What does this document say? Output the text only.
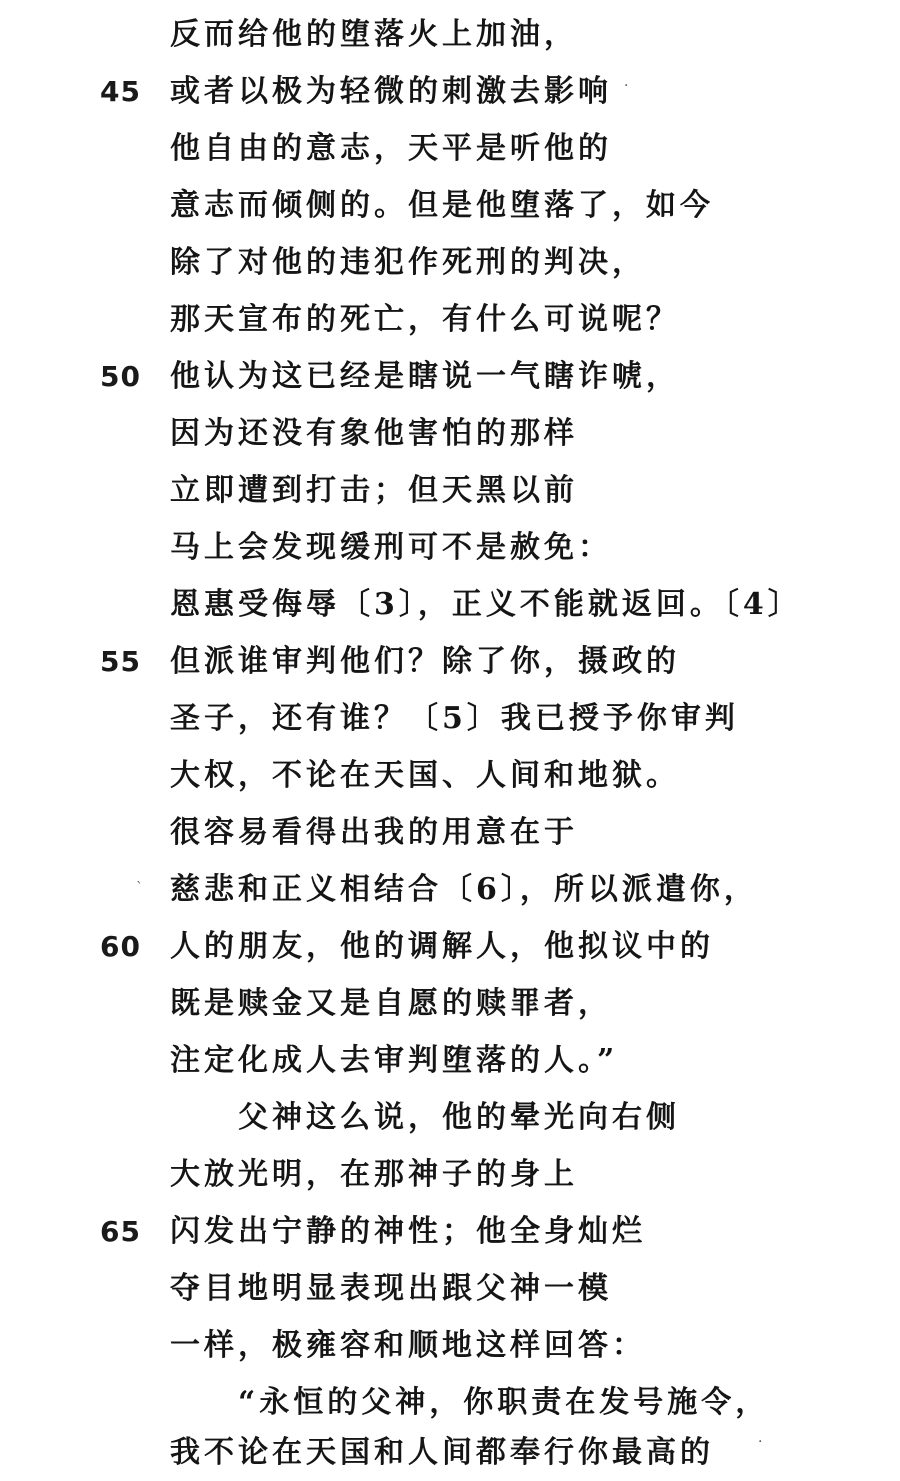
反而给他的堕落火上加油，
45 或者以极为轻微的刺激去影响
他自由的意志，天平是听他的
意志而倾侧的。但是他堕落了，如今
除了对他的违犯作死刑的判决，
那天宣布的死亡，有什么可说呢？
50 他认为这已经是瞎说一气瞎诈唬，
因为还没有象他害怕的那样
立即遭到打击；但天黑以前
马上会发现缓刑可不是赦免：
恩惠受侮辱〔3〕，正义不能就返回。〔4〕
55 但派谁审判他们？除了你，摄政的
圣子，还有谁？〔5〕我已授予你审判
大权，不论在天国、人间和地狱。
很容易看得出我的用意在于
慈悲和正义相结合〔6〕，所以派遣你，
60 人的朋友，他的调解人，他拟议中的
既是赎金又是自愿的赎罪者，
注定化成人去审判堕落的人。”
父神这么说，他的晕光向右侧
大放光明，在那神子的身上
65 闪发出宁静的神性；他全身灿烂
夺目地明显表现出跟父神一模
一样，极雍容和顺地这样回答：
“永恒的父神，你职责在发号施令，
我不论在天国和人间都奉行你最高的
·
ˋ
·
